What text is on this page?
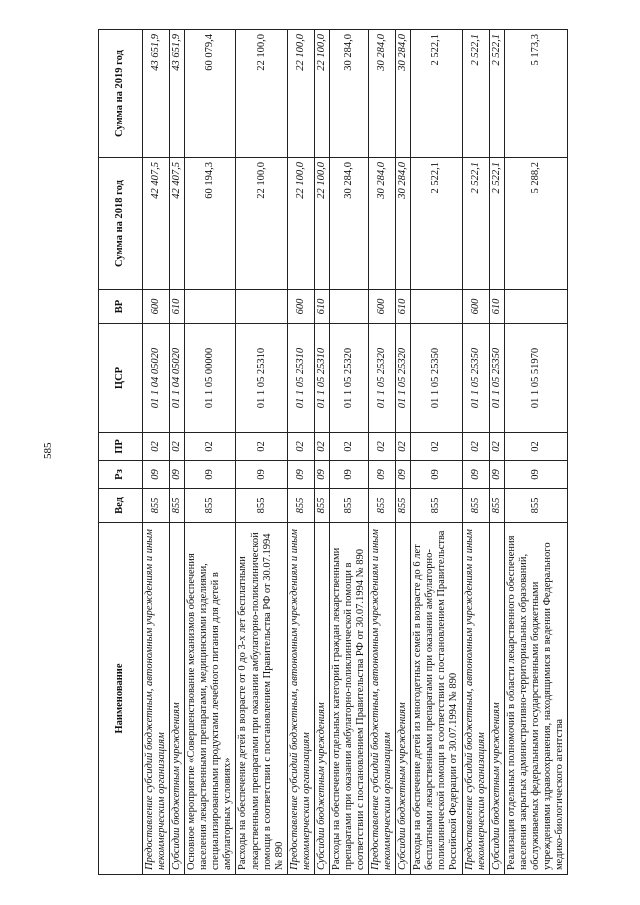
585
Наименование	Вед	Рз	ПР	ЦСР	ВР	Сумма на 2018 год	Сумма на 2019 год
Предоставление субсидий бюджетным, автономным учреждениям и иным некоммерческим организациям	855	09	02	01 1 04 05020	600	42 407,5	43 651,9
Субсидии бюджетным учреждениям	855	09	02	01 1 04 05020	610	42 407,5	43 651,9
Основное мероприятие «Совершенствование механизмов обеспечения населения лекарственными препаратами, медицинскими изделиями, специализированными продуктами лечебного питания для детей в амбулаторных условиях»	855	09	02	01 1 05 00000		60 194,3	60 079,4
Расходы на обеспечение детей в возрасте от 0 до 3-х лет бесплатными лекарственными препаратами при оказании амбулаторно-поликлинической помощи в соответствии с постановлением Правительства РФ от 30.07.1994 № 890	855	09	02	01 1 05 25310		22 100,0	22 100,0
Предоставление субсидий бюджетным, автономным учреждениям и иным некоммерческим организациям	855	09	02	01 1 05 25310	600	22 100,0	22 100,0
Субсидии бюджетным учреждениям	855	09	02	01 1 05 25310	610	22 100,0	22 100,0
Расходы на обеспечение отдельных категорий граждан лекарственными препаратами при оказании амбулаторно-поликлинической помощи в соответствии с постановлением Правительства РФ от 30.07.1994 № 890	855	09	02	01 1 05 25320		30 284,0	30 284,0
Предоставление субсидий бюджетным, автономным учреждениям и иным некоммерческим организациям	855	09	02	01 1 05 25320	600	30 284,0	30 284,0
Субсидии бюджетным учреждениям	855	09	02	01 1 05 25320	610	30 284,0	30 284,0
Расходы на обеспечение детей из многодетных семей в возрасте до 6 лет бесплатными лекарственными препаратами при оказании амбулаторно-поликлинической помощи в соответствии с постановлением Правительства Российской Федерации от 30.07.1994 № 890	855	09	02	01 1 05 25350		2 522,1	2 522,1
Предоставление субсидий бюджетным, автономным учреждениям и иным некоммерческим организациям	855	09	02	01 1 05 25350	600	2 522,1	2 522,1
Субсидии бюджетным учреждениям	855	09	02	01 1 05 25350	610	2 522,1	2 522,1
Реализация отдельных полномочий в области лекарственного обеспечения населения закрытых административно-территориальных образований, обслуживаемых федеральными государственными бюджетными учреждениями здравоохранения, находящимися в ведении Федерального медико-биологического агентства	855	09	02	01 1 05 51970		5 288,2	5 173,3
